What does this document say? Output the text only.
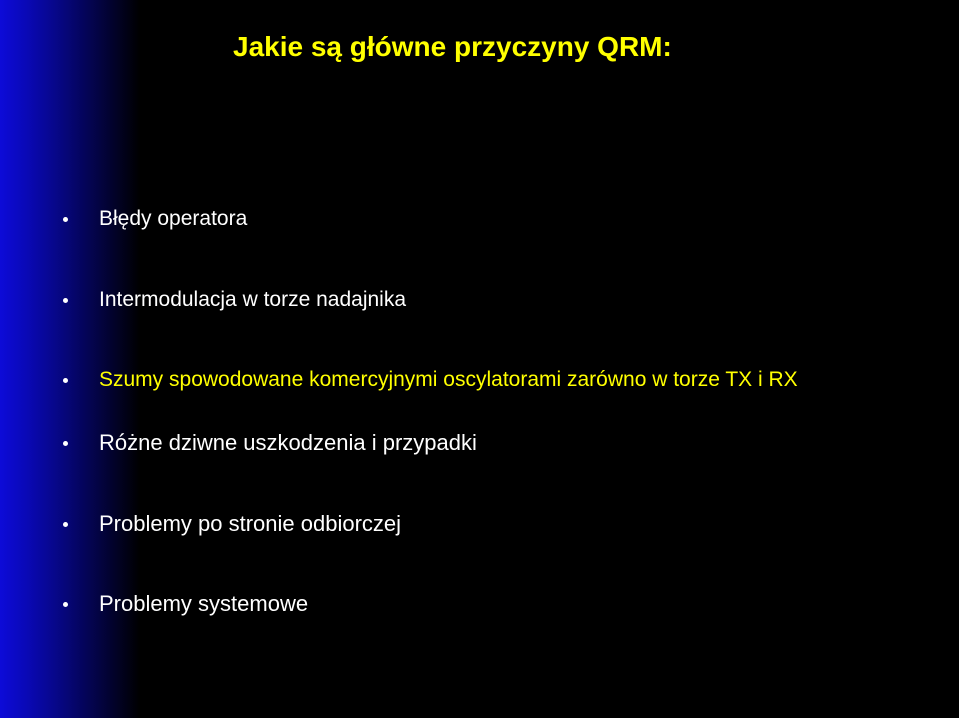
Jakie są główne przyczyny QRM:
Błędy operatora
Intermodulacja w torze nadajnika
Szumy spowodowane komercyjnymi oscylatorami zarówno w torze TX i RX
Różne dziwne uszkodzenia i przypadki
Problemy po stronie odbiorczej
Problemy systemowe
